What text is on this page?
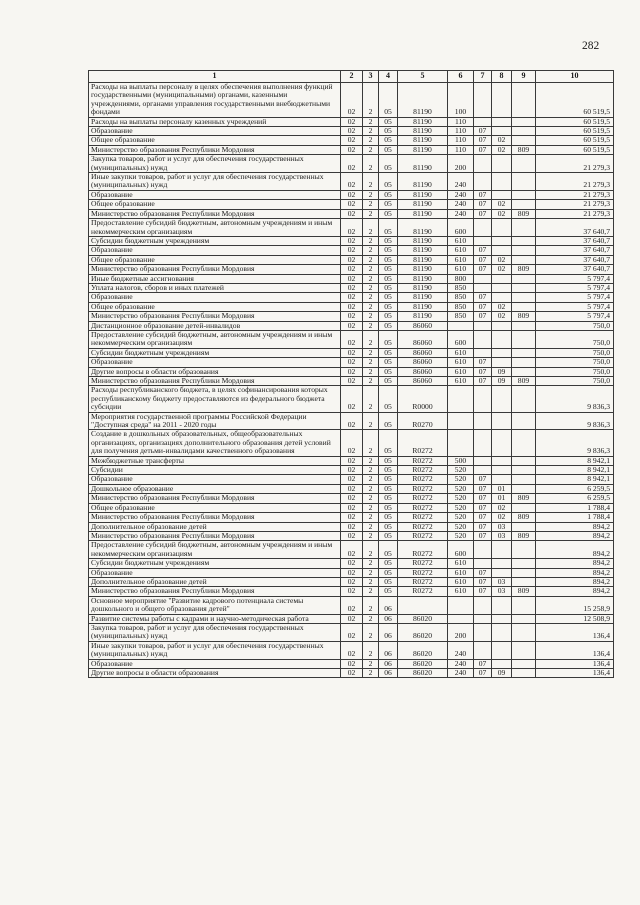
282
1	2	3	4	5	6	7	8	9	10
Расходы на выплаты персоналу в целях обеспечения выполнения функций государственными (муниципальными) органами, казенными учреждениями, органами управления государственными внебюджетными фондами	02	2	05	81190	100				60 519,5
Расходы на выплаты персоналу казенных учреждений	02	2	05	81190	110				60 519,5
Образование	02	2	05	81190	110	07			60 519,5
Общее образование	02	2	05	81190	110	07	02		60 519,5
Министерство образования Республики Мордовия	02	2	05	81190	110	07	02	809	60 519,5
Закупка товаров, работ и услуг для обеспечения государственных (муниципальных) нужд	02	2	05	81190	200				21 279,3
Иные закупки товаров, работ и услуг для обеспечения государственных (муниципальных) нужд	02	2	05	81190	240				21 279,3
Образование	02	2	05	81190	240	07			21 279,3
Общее образование	02	2	05	81190	240	07	02		21 279,3
Министерство образования Республики Мордовия	02	2	05	81190	240	07	02	809	21 279,3
Предоставление субсидий бюджетным, автономным учреждениям и иным некоммерческим организациям	02	2	05	81190	600				37 640,7
Субсидии бюджетным учреждениям	02	2	05	81190	610				37 640,7
Образование	02	2	05	81190	610	07			37 640,7
Общее образование	02	2	05	81190	610	07	02		37 640,7
Министерство образования Республики Мордовия	02	2	05	81190	610	07	02	809	37 640,7
Иные бюджетные ассигнования	02	2	05	81190	800				5 797,4
Уплата налогов, сборов и иных платежей	02	2	05	81190	850				5 797,4
Образование	02	2	05	81190	850	07			5 797,4
Общее образование	02	2	05	81190	850	07	02		5 797,4
Министерство образования Республики Мордовия	02	2	05	81190	850	07	02	809	5 797,4
Дистанционное образование детей-инвалидов	02	2	05	86060					750,0
Предоставление субсидий бюджетным, автономным учреждениям и иным некоммерческим организациям	02	2	05	86060	600				750,0
Субсидии бюджетным учреждениям	02	2	05	86060	610				750,0
Образование	02	2	05	86060	610	07			750,0
Другие вопросы в области образования	02	2	05	86060	610	07	09		750,0
Министерство образования Республики Мордовия	02	2	05	86060	610	07	09	809	750,0
Расходы республиканского бюджета, в целях софинансирования которых республиканскому бюджету предоставляются из федерального бюджета субсидии	02	2	05	R0000					9 836,3
Мероприятия государственной программы Российской Федерации "Доступная среда" на 2011 - 2020 годы	02	2	05	R0270					9 836,3
Создание в дошкольных образовательных, общеобразовательных организациях, организациях дополнительного образования детей условий для получения детьми-инвалидами качественного образования	02	2	05	R0272					9 836,3
Межбюджетные трансферты	02	2	05	R0272	500				8 942,1
Субсидии	02	2	05	R0272	520				8 942,1
Образование	02	2	05	R0272	520	07			8 942,1
Дошкольное образование	02	2	05	R0272	520	07	01		6 259,5
Министерство образования Республики Мордовия	02	2	05	R0272	520	07	01	809	6 259,5
Общее образование	02	2	05	R0272	520	07	02		1 788,4
Министерство образования Республики Мордовия	02	2	05	R0272	520	07	02	809	1 788,4
Дополнительное образование детей	02	2	05	R0272	520	07	03		894,2
Министерство образования Республики Мордовия	02	2	05	R0272	520	07	03	809	894,2
Предоставление субсидий бюджетным, автономным учреждениям и иным некоммерческим организациям	02	2	05	R0272	600				894,2
Субсидии бюджетным учреждениям	02	2	05	R0272	610				894,2
Образование	02	2	05	R0272	610	07			894,2
Дополнительное образование детей	02	2	05	R0272	610	07	03		894,2
Министерство образования Республики Мордовия	02	2	05	R0272	610	07	03	809	894,2
Основное мероприятие "Развитие кадрового потенциала системы дошкольного и общего образования детей"	02	2	06						15 258,9
Развитие системы работы с кадрами и научно-методическая работа	02	2	06	86020					12 508,9
Закупка товаров, работ и услуг для обеспечения государственных (муниципальных) нужд	02	2	06	86020	200				136,4
Иные закупки товаров, работ и услуг для обеспечения государственных (муниципальных) нужд	02	2	06	86020	240				136,4
Образование	02	2	06	86020	240	07			136,4
Другие вопросы в области образования	02	2	06	86020	240	07	09		136,4
